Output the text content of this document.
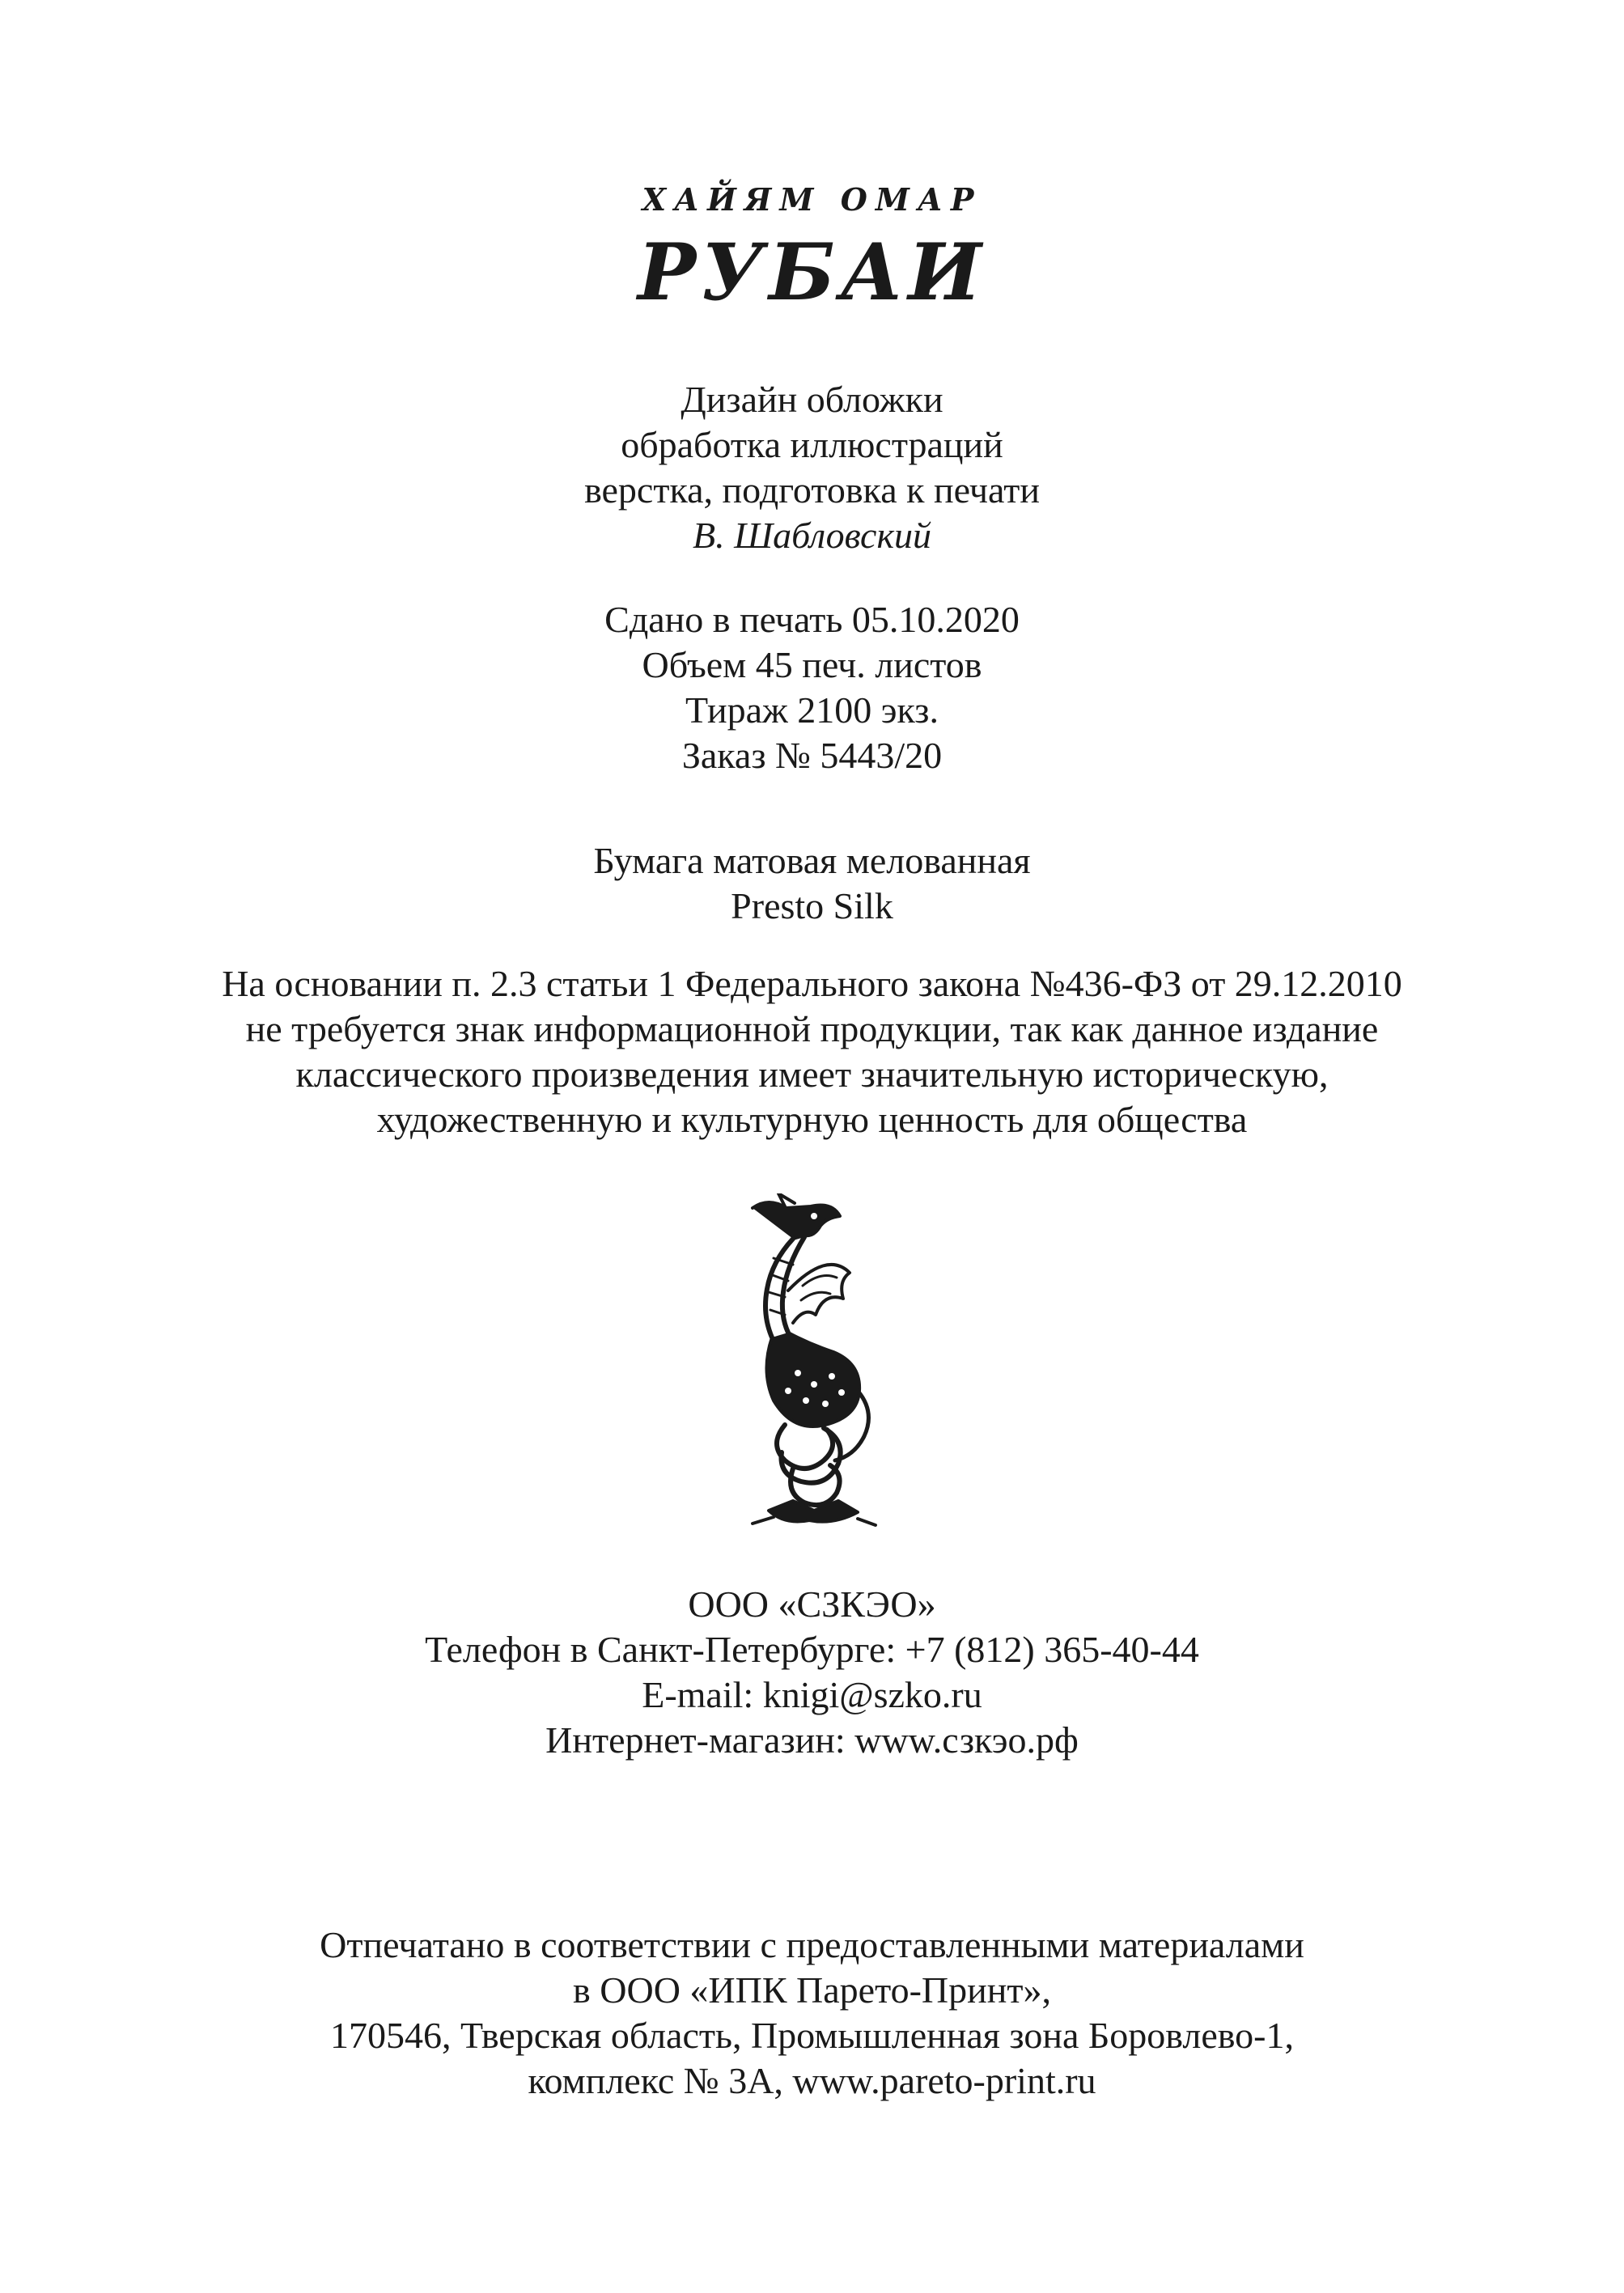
ХАЙЯМ ОМАР
РУБАИ
Дизайн обложки
обработка иллюстраций
верстка, подготовка к печати
В. Шабловский
Сдано в печать 05.10.2020
Объем 45 печ. листов
Тираж 2100 экз.
Заказ № 5443/20
Бумага матовая мелованная
Presto Silk
На основании п. 2.3 статьи 1 Федерального закона №436-ФЗ от 29.12.2010
не требуется знак информационной продукции, так как данное издание
классического произведения имеет значительную историческую,
художественную и культурную ценность для общества
ООО «СЗКЭО»
Телефон в Санкт-Петербурге: +7 (812) 365-40-44
E-mail: knigi@szko.ru
Интернет-магазин: www.сзкэо.рф
Отпечатано в соответствии с предоставленными материалами
в ООО «ИПК Парето-Принт»,
170546, Тверская область, Промышленная зона Боровлево-1,
комплекс № 3А, www.pareto-print.ru
